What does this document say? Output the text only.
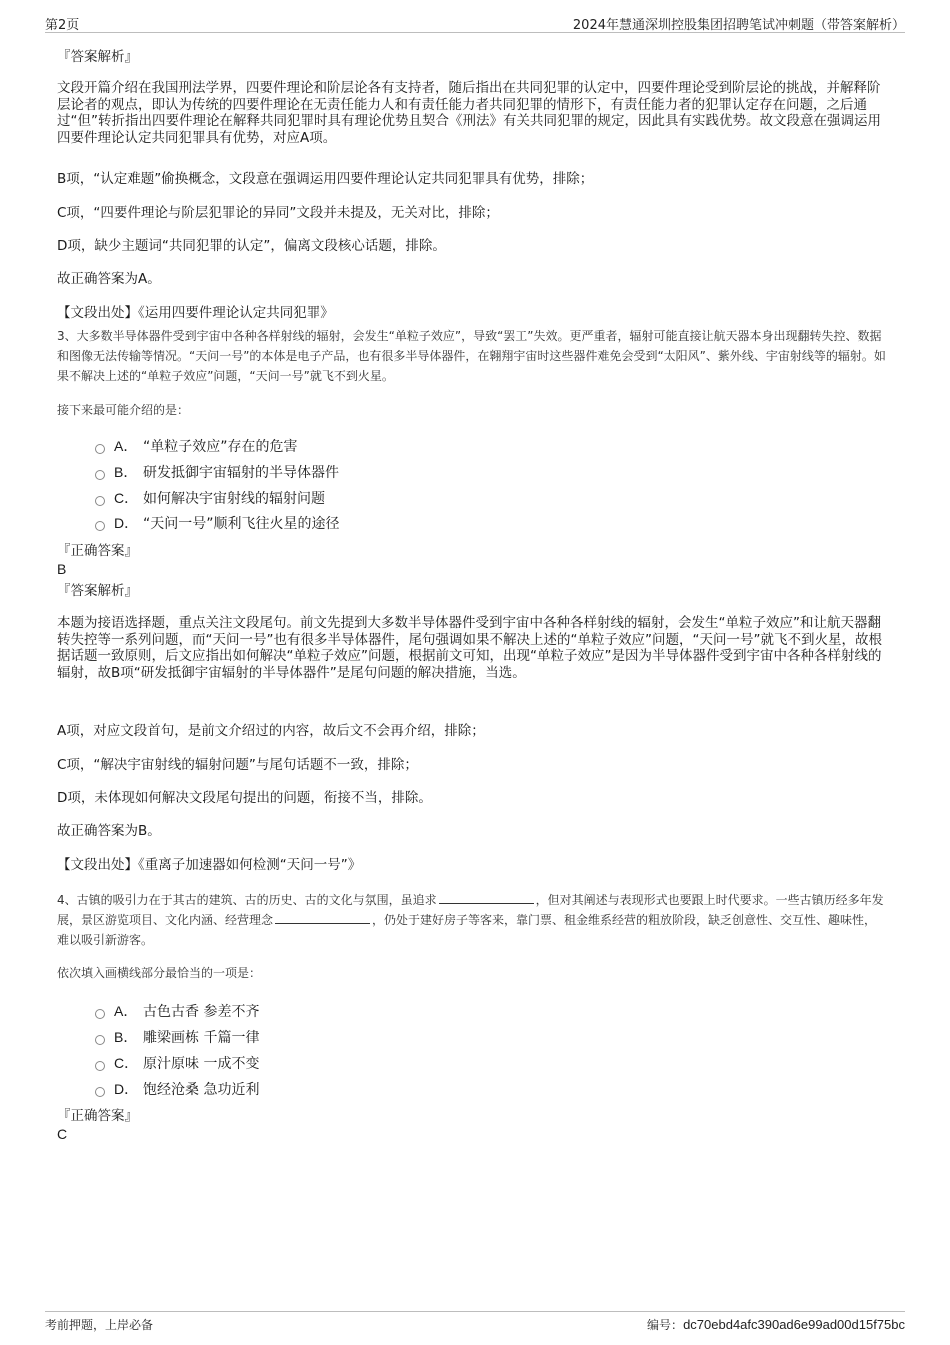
第2页	2024年慧通深圳控股集团招聘笔试冲刺题（带答案解析）
『答案解析』
文段开篇介绍在我国刑法学界，四要件理论和阶层论各有支持者，随后指出在共同犯罪的认定中，四要件理论受到阶层论的挑战，并解释阶层论者的观点，即认为传统的四要件理论在无责任能力人和有责任能力者共同犯罪的情形下，有责任能力者的犯罪认定存在问题，之后通过“但”转折指出四要件理论在解释共同犯罪时具有理论优势且契合《刑法》有关共同犯罪的规定，因此具有实践优势。故文段意在强调运用四要件理论认定共同犯罪具有优势，对应A项。
B项，“认定难题”偷换概念，文段意在强调运用四要件理论认定共同犯罪具有优势，排除；
C项，“四要件理论与阶层犯罪论的异同”文段并未提及，无关对比，排除；
D项，缺少主题词“共同犯罪的认定”，偏离文段核心话题，排除。
故正确答案为A。
【文段出处】《运用四要件理论认定共同犯罪》
3、大多数半导体器件受到宇宙中各种各样射线的辐射，会发生“单粒子效应”，导致“罢工”失效。更严重者，辐射可能直接让航天器本身出现翻转失控、数据和图像无法传输等情况。“天问一号”的本体是电子产品，也有很多半导体器件，在翱翔宇宙时这些器件难免会受到“太阳风”、紫外线、宇宙射线等的辐射。如果不解决上述的“单粒子效应”问题，“天问一号”就飞不到火星。
接下来最可能介绍的是：
A． “单粒子效应”存在的危害
B． 研发抵御宇宙辐射的半导体器件
C． 如何解决宇宙射线的辐射问题
D． “天问一号”顺利飞往火星的途径
『正确答案』
B
『答案解析』
本题为接语选择题，重点关注文段尾句。前文先提到大多数半导体器件受到宇宙中各种各样射线的辐射，会发生“单粒子效应”和让航天器翻转失控等一系列问题，而“天问一号”也有很多半导体器件，尾句强调如果不解决上述的“单粒子效应”问题，“天问一号”就飞不到火星，故根据话题一致原则，后文应指出如何解决“单粒子效应”问题，根据前文可知，出现“单粒子效应”是因为半导体器件受到宇宙中各种各样射线的辐射，故B项“研发抵御宇宙辐射的半导体器件”是尾句问题的解决措施，当选。
A项，对应文段首句，是前文介绍过的内容，故后文不会再介绍，排除；
C项，“解决宇宙射线的辐射问题”与尾句话题不一致，排除；
D项，未体现如何解决文段尾句提出的问题，衔接不当，排除。
故正确答案为B。
【文段出处】《重离子加速器如何检测“天问一号”》
4、古镇的吸引力在于其古的建筑、古的历史、古的文化与氛围，虽追求	，但对其阐述与表现形式也要跟上时代要求。一些古镇历经多年发展，景区游览项目、文化内涵、经营理念	，仍处于建好房子等客来，靠门票、租金维系经营的粗放阶段，缺乏创意性、交互性、趣味性，难以吸引新游客。
依次填入画横线部分最恰当的一项是：
A． 古色古香 参差不齐
B． 雕梁画栋 千篇一律
C． 原汁原味 一成不变
D． 饱经沧桑 急功近利
『正确答案』
C
考前押题，上岸必备	编号：dc70ebd4afc390ad6e99ad00d15f75bc
